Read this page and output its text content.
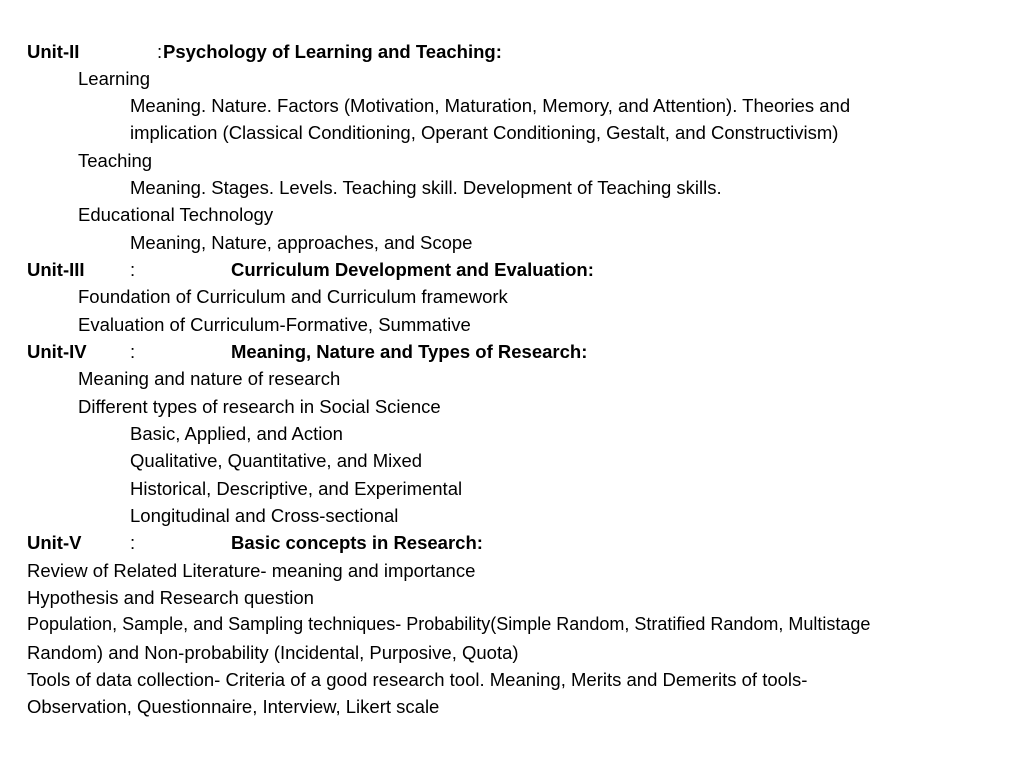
Unit-II	: Psychology of Learning and Teaching:
Learning
Meaning. Nature. Factors (Motivation, Maturation, Memory, and Attention). Theories and
implication (Classical Conditioning, Operant Conditioning, Gestalt, and Constructivism)
Teaching
Meaning. Stages. Levels. Teaching skill. Development of Teaching skills.
Educational Technology
Meaning, Nature, approaches, and Scope
Unit-III :	Curriculum Development and Evaluation:
Foundation of Curriculum and Curriculum framework
Evaluation of Curriculum-Formative, Summative
Unit-IV :	Meaning, Nature and Types of Research:
Meaning and nature of research
Different types of research in Social Science
Basic, Applied, and Action
Qualitative, Quantitative, and Mixed
Historical, Descriptive, and Experimental
Longitudinal and Cross-sectional
Unit-V	:	Basic concepts in Research:
Review of Related Literature- meaning and importance
Hypothesis and Research question
Population, Sample, and Sampling techniques- Probability(Simple Random, Stratified Random, Multistage
Random) and Non-probability (Incidental, Purposive, Quota)
Tools of data collection- Criteria of a good research tool. Meaning, Merits and Demerits of tools-
Observation, Questionnaire, Interview, Likert scale
